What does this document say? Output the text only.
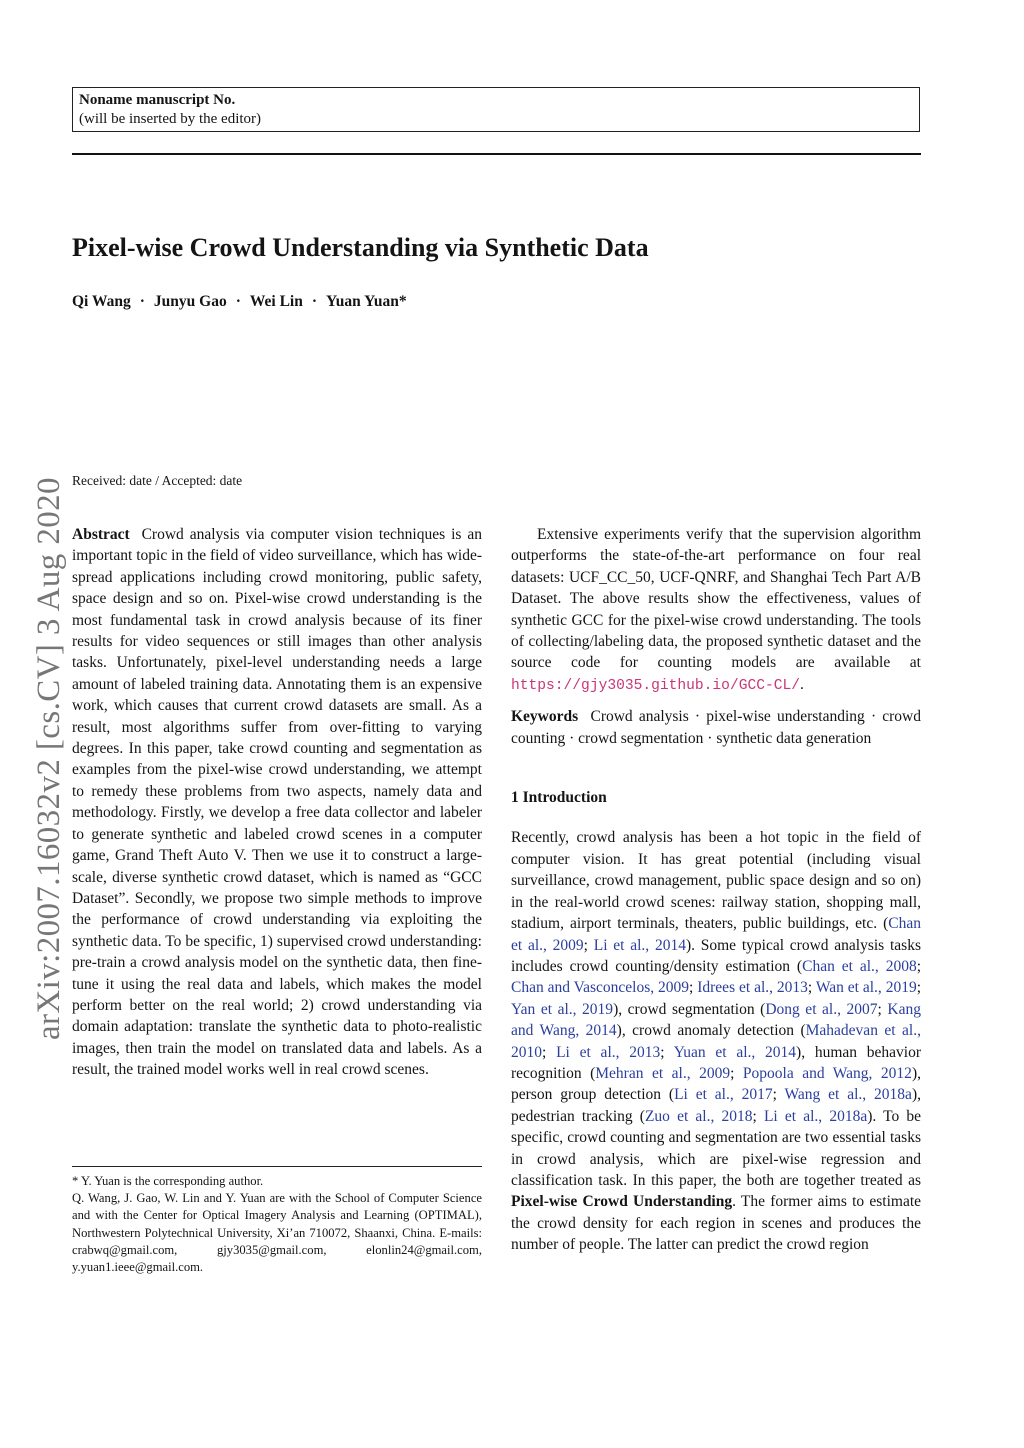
Noname manuscript No.
(will be inserted by the editor)
Pixel-wise Crowd Understanding via Synthetic Data
Qi Wang · Junyu Gao · Wei Lin · Yuan Yuan*
Received: date / Accepted: date
arXiv:2007.16032v2 [cs.CV] 3 Aug 2020 Abstract Crowd analysis via computer vision techniques is an important topic in the field of video surveillance, which has wide-spread applications including crowd monitoring, public safety, space design and so on. Pixel-wise crowd understanding is the most fundamental task in crowd analysis because of its finer results for video sequences or still images than other analysis tasks. Unfortunately, pixel-level understanding needs a large amount of labeled training data. Annotating them is an expensive work, which causes that current crowd datasets are small. As a result, most algorithms suffer from over-fitting to varying degrees. In this paper, take crowd counting and segmentation as examples from the pixel-wise crowd understanding, we attempt to remedy these problems from two aspects, namely data and methodology. Firstly, we develop a free data collector and labeler to generate synthetic and labeled crowd scenes in a computer game, Grand Theft Auto V. Then we use it to construct a large-scale, diverse synthetic crowd dataset, which is named as “GCC Dataset”. Secondly, we propose two simple methods to improve the performance of crowd understanding via exploiting the synthetic data. To be specific, 1) supervised crowd understanding: pre-train a crowd analysis model on the synthetic data, then fine-tune it using the real data and labels, which makes the model perform better on the real world; 2) crowd understanding via domain adaptation: translate the synthetic data to photo-realistic images, then train the model on translated data and labels. As a result, the trained model works well in real crowd scenes.

* Y. Yuan is the corresponding author.

Q. Wang, J. Gao, W. Lin and Y. Yuan are with the School of Computer Science and with the Center for Optical Imagery Analysis and Learning (OPTIMAL), Northwestern Polytechnical University, Xi’an 710072, Shaanxi, China. E-mails: crabwq@gmail.com, gjy3035@gmail.com, elonlin24@gmail.com, y.yuan1.ieee@gmail.com.

Extensive experiments verify that the supervision algorithm outperforms the state-of-the-art performance on four real datasets: UCF_CC_50, UCF-QNRF, and Shanghai Tech Part A/B Dataset. The above results show the effectiveness, values of synthetic GCC for the pixel-wise crowd understanding. The tools of collecting/labeling data, the proposed synthetic dataset and the source code for counting models are available at https://gjy3035.github.io/GCC-CL/.

Keywords Crowd analysis · pixel-wise understanding · crowd counting · crowd segmentation · synthetic data generation

1 Introduction

Recently, crowd analysis has been a hot topic in the field of computer vision. It has great potential (including visual surveillance, crowd management, public space design and so on) in the real-world crowd scenes: railway station, shopping mall, stadium, airport terminals, theaters, public buildings, etc. (Chan et al., 2009; Li et al., 2014). Some typical crowd analysis tasks includes crowd counting/density estimation (Chan et al., 2008; Chan and Vasconcelos, 2009; Idrees et al., 2013; Wan et al., 2019; Yan et al., 2019), crowd segmentation (Dong et al., 2007; Kang and Wang, 2014), crowd anomaly detection (Mahadevan et al., 2010; Li et al., 2013; Yuan et al., 2014), human behavior recognition (Mehran et al., 2009; Popoola and Wang, 2012), person group detection (Li et al., 2017; Wang et al., 2018a), pedestrian tracking (Zuo et al., 2018; Li et al., 2018a). To be specific, crowd counting and segmentation are two essential tasks in crowd analysis, which are pixel-wise regression and classification task. In this paper, the both are together treated as Pixel-wise Crowd Understanding. The former aims to estimate the crowd density for each region in scenes and produces the number of people. The latter can predict the crowd region
